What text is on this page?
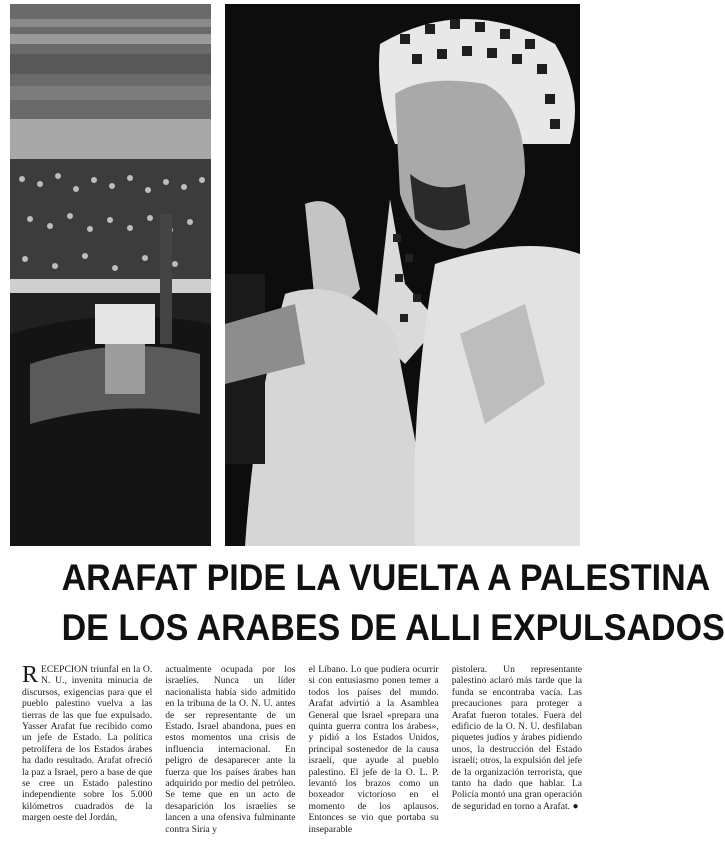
ARAFAT PIDE LA VUELTA A PALESTINA
DE LOS ARABES DE ALLI EXPULSADOS
R ECEPCION triunfal en la O. N. U., invenita minucia de discursos, exigencias para que el pueblo palestino vuelva a las tierras de las que fue expulsado. Yasser Arafat fue recibido como un jefe de Estado. La política petrolífera de los Estados árabes ha dado resultado. Arafat ofreció la paz a Israel, pero a base de que se cree un Estado palestino independiente sobre los 5.000 kilómetros cuadrados de la margen oeste del Jordán,
actualmente ocupada por los israelíes. Nunca un líder nacionalista había sido admitido en la tribuna de la O. N. U. antes de ser representante de un Estado. Israel abandona, pues en estos momentos una crisis de influencia internacional. En peligro de desaparecer ante la fuerza que los países árabes han adquirido por medio del petróleo. Se teme que en un acto de desaparición los israelíes se lancen a una ofensiva fulminante contra Siria y
el Líbano. Lo que pudiera ocurrir si con entusiasmo ponen temer a todos los países del mundo. Arafat advirtió a la Asamblea General que Israel «prepara una quinta guerra contra los árabes», y pidió a los Estados Unidos, principal sostenedor de la causa israelí, que ayude al pueblo palestino. El jefe de la O. L. P. levantó los brazos como un boxeador victorioso en el momento de los aplausos. Entonces se vio que portaba su inseparable
pistolera. Un representante palestino aclaró más tarde que la funda se encontraba vacía. Las precauciones para proteger a Arafat fueron totales. Fuera del edificio de la O. N. U. desfilaban piquetes judíos y árabes pidiendo unos, la destrucción del Estado israelí; otros, la expulsión del jefe de la organización terrorista, que tanto ha dado que hablar. La Policía montó una gran operación de seguridad en torno a Arafat. ●
